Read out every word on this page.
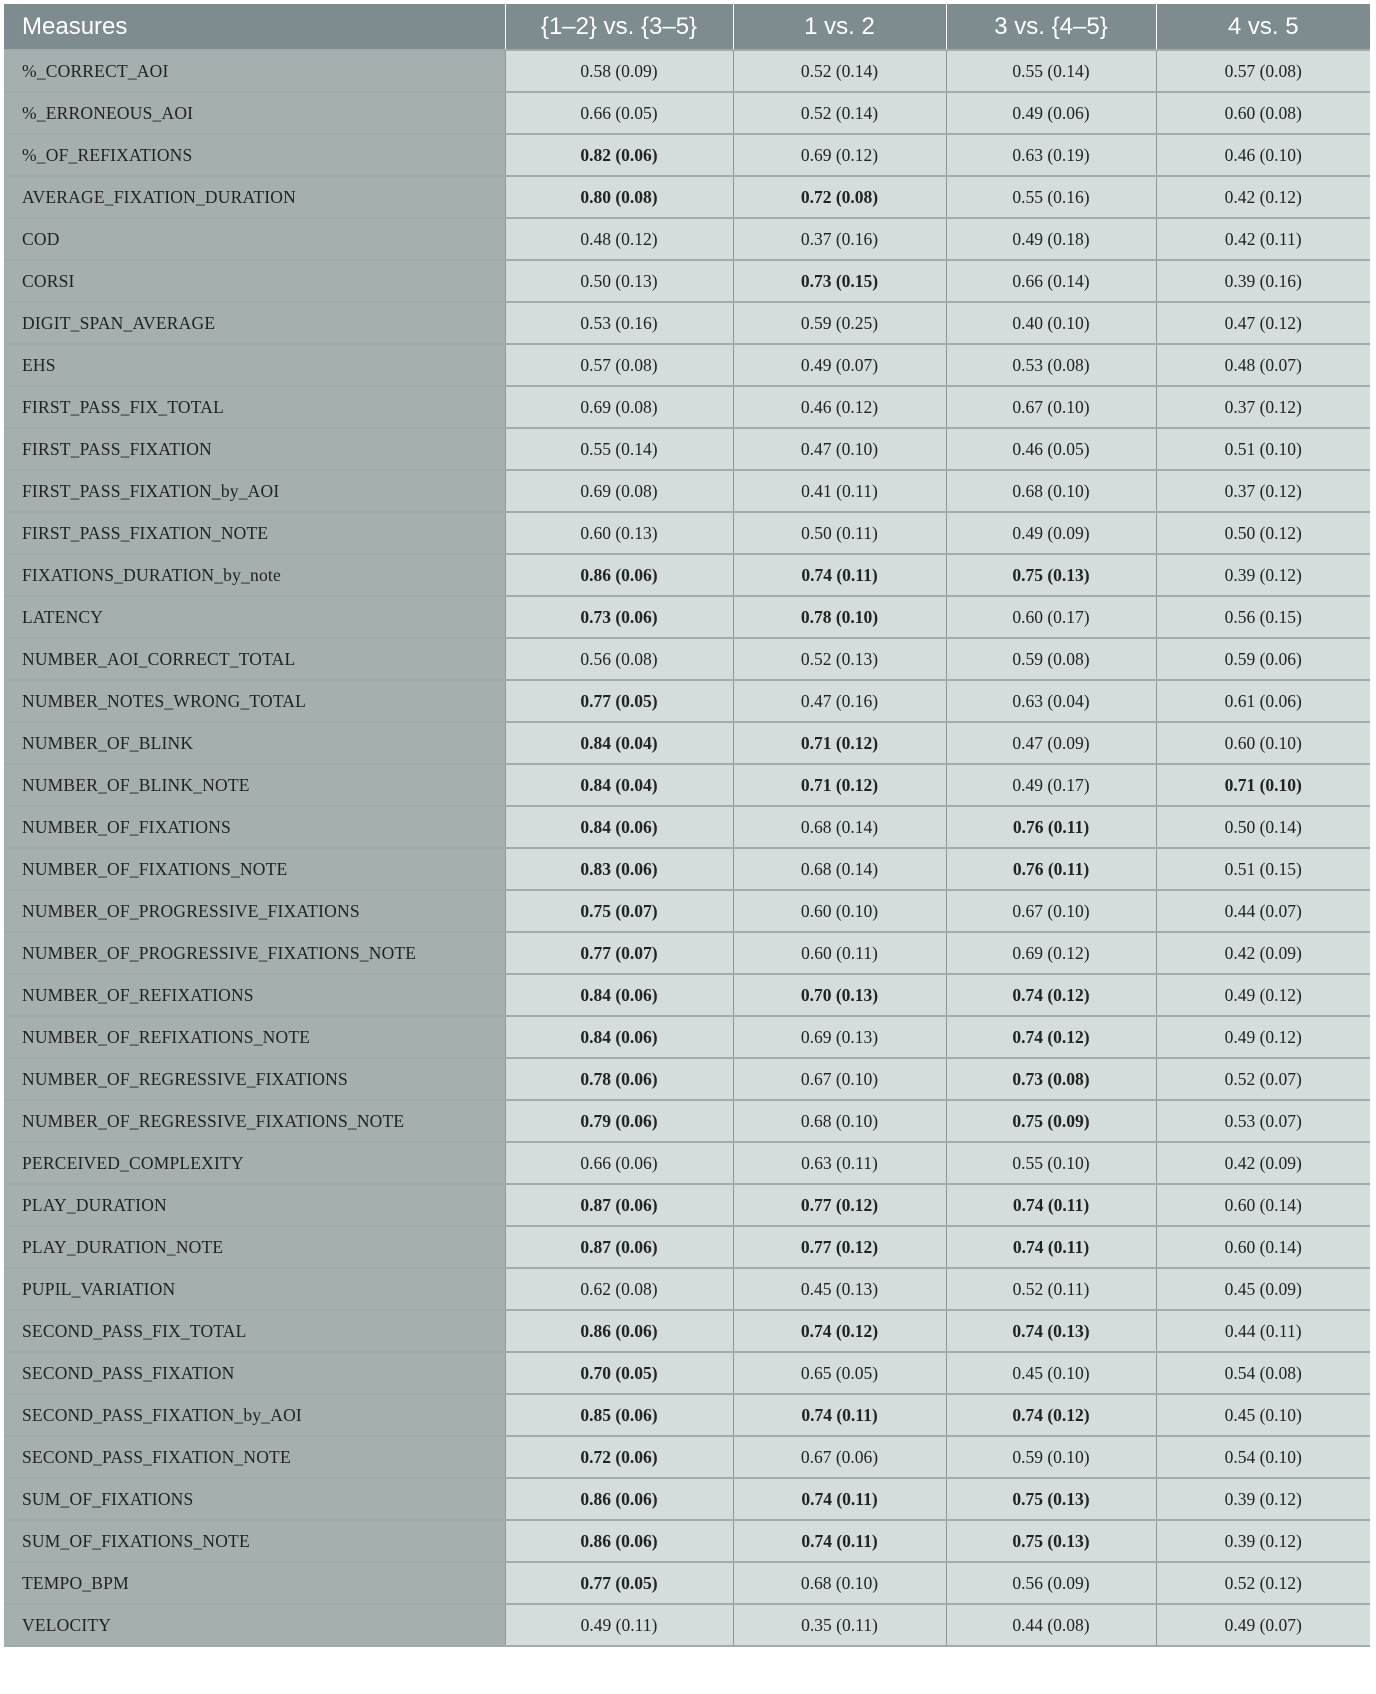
Measures	{1–2} vs. {3–5}	1 vs. 2	3 vs. {4–5}	4 vs. 5
%_CORRECT_AOI	0.58 (0.09)	0.52 (0.14)	0.55 (0.14)	0.57 (0.08)
%_ERRONEOUS_AOI	0.66 (0.05)	0.52 (0.14)	0.49 (0.06)	0.60 (0.08)
%_OF_REFIXATIONS	0.82 (0.06)	0.69 (0.12)	0.63 (0.19)	0.46 (0.10)
AVERAGE_FIXATION_DURATION	0.80 (0.08)	0.72 (0.08)	0.55 (0.16)	0.42 (0.12)
COD	0.48 (0.12)	0.37 (0.16)	0.49 (0.18)	0.42 (0.11)
CORSI	0.50 (0.13)	0.73 (0.15)	0.66 (0.14)	0.39 (0.16)
DIGIT_SPAN_AVERAGE	0.53 (0.16)	0.59 (0.25)	0.40 (0.10)	0.47 (0.12)
EHS	0.57 (0.08)	0.49 (0.07)	0.53 (0.08)	0.48 (0.07)
FIRST_PASS_FIX_TOTAL	0.69 (0.08)	0.46 (0.12)	0.67 (0.10)	0.37 (0.12)
FIRST_PASS_FIXATION	0.55 (0.14)	0.47 (0.10)	0.46 (0.05)	0.51 (0.10)
FIRST_PASS_FIXATION_by_AOI	0.69 (0.08)	0.41 (0.11)	0.68 (0.10)	0.37 (0.12)
FIRST_PASS_FIXATION_NOTE	0.60 (0.13)	0.50 (0.11)	0.49 (0.09)	0.50 (0.12)
FIXATIONS_DURATION_by_note	0.86 (0.06)	0.74 (0.11)	0.75 (0.13)	0.39 (0.12)
LATENCY	0.73 (0.06)	0.78 (0.10)	0.60 (0.17)	0.56 (0.15)
NUMBER_AOI_CORRECT_TOTAL	0.56 (0.08)	0.52 (0.13)	0.59 (0.08)	0.59 (0.06)
NUMBER_NOTES_WRONG_TOTAL	0.77 (0.05)	0.47 (0.16)	0.63 (0.04)	0.61 (0.06)
NUMBER_OF_BLINK	0.84 (0.04)	0.71 (0.12)	0.47 (0.09)	0.60 (0.10)
NUMBER_OF_BLINK_NOTE	0.84 (0.04)	0.71 (0.12)	0.49 (0.17)	0.71 (0.10)
NUMBER_OF_FIXATIONS	0.84 (0.06)	0.68 (0.14)	0.76 (0.11)	0.50 (0.14)
NUMBER_OF_FIXATIONS_NOTE	0.83 (0.06)	0.68 (0.14)	0.76 (0.11)	0.51 (0.15)
NUMBER_OF_PROGRESSIVE_FIXATIONS	0.75 (0.07)	0.60 (0.10)	0.67 (0.10)	0.44 (0.07)
NUMBER_OF_PROGRESSIVE_FIXATIONS_NOTE	0.77 (0.07)	0.60 (0.11)	0.69 (0.12)	0.42 (0.09)
NUMBER_OF_REFIXATIONS	0.84 (0.06)	0.70 (0.13)	0.74 (0.12)	0.49 (0.12)
NUMBER_OF_REFIXATIONS_NOTE	0.84 (0.06)	0.69 (0.13)	0.74 (0.12)	0.49 (0.12)
NUMBER_OF_REGRESSIVE_FIXATIONS	0.78 (0.06)	0.67 (0.10)	0.73 (0.08)	0.52 (0.07)
NUMBER_OF_REGRESSIVE_FIXATIONS_NOTE	0.79 (0.06)	0.68 (0.10)	0.75 (0.09)	0.53 (0.07)
PERCEIVED_COMPLEXITY	0.66 (0.06)	0.63 (0.11)	0.55 (0.10)	0.42 (0.09)
PLAY_DURATION	0.87 (0.06)	0.77 (0.12)	0.74 (0.11)	0.60 (0.14)
PLAY_DURATION_NOTE	0.87 (0.06)	0.77 (0.12)	0.74 (0.11)	0.60 (0.14)
PUPIL_VARIATION	0.62 (0.08)	0.45 (0.13)	0.52 (0.11)	0.45 (0.09)
SECOND_PASS_FIX_TOTAL	0.86 (0.06)	0.74 (0.12)	0.74 (0.13)	0.44 (0.11)
SECOND_PASS_FIXATION	0.70 (0.05)	0.65 (0.05)	0.45 (0.10)	0.54 (0.08)
SECOND_PASS_FIXATION_by_AOI	0.85 (0.06)	0.74 (0.11)	0.74 (0.12)	0.45 (0.10)
SECOND_PASS_FIXATION_NOTE	0.72 (0.06)	0.67 (0.06)	0.59 (0.10)	0.54 (0.10)
SUM_OF_FIXATIONS	0.86 (0.06)	0.74 (0.11)	0.75 (0.13)	0.39 (0.12)
SUM_OF_FIXATIONS_NOTE	0.86 (0.06)	0.74 (0.11)	0.75 (0.13)	0.39 (0.12)
TEMPO_BPM	0.77 (0.05)	0.68 (0.10)	0.56 (0.09)	0.52 (0.12)
VELOCITY	0.49 (0.11)	0.35 (0.11)	0.44 (0.08)	0.49 (0.07)
